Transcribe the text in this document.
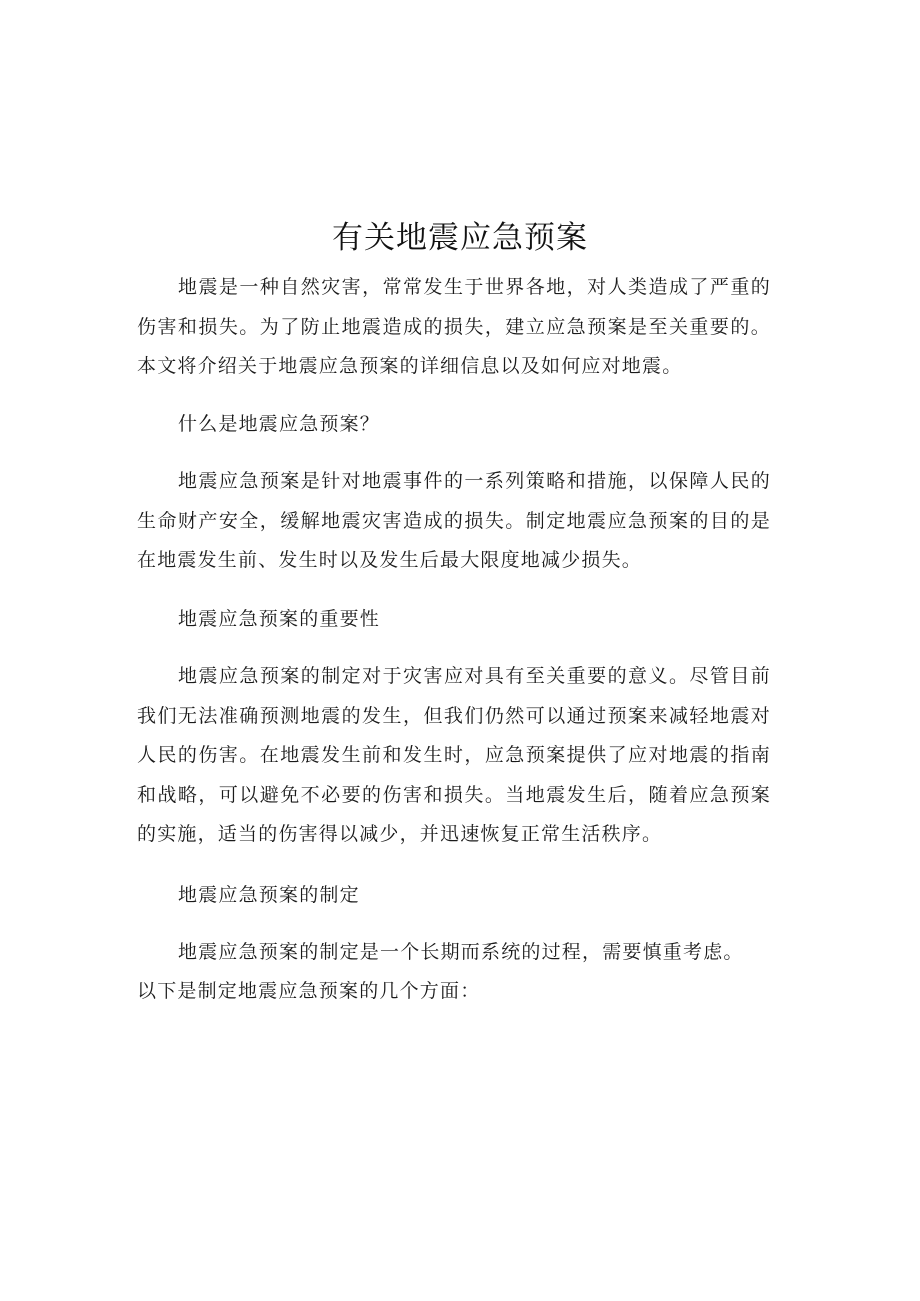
有关地震应急预案

地震是一种自然灾害，常常发生于世界各地，对人类造成了严重的伤害和损失。为了防止地震造成的损失，建立应急预案是至关重要的。本文将介绍关于地震应急预案的详细信息以及如何应对地震。

什么是地震应急预案？

地震应急预案是针对地震事件的一系列策略和措施，以保障人民的生命财产安全，缓解地震灾害造成的损失。制定地震应急预案的目的是在地震发生前、发生时以及发生后最大限度地减少损失。

地震应急预案的重要性

地震应急预案的制定对于灾害应对具有至关重要的意义。尽管目前我们无法准确预测地震的发生，但我们仍然可以通过预案来减轻地震对人民的伤害。在地震发生前和发生时，应急预案提供了应对地震的指南和战略，可以避免不必要的伤害和损失。当地震发生后，随着应急预案的实施，适当的伤害得以减少，并迅速恢复正常生活秩序。

地震应急预案的制定

地震应急预案的制定是一个长期而系统的过程，需要慎重考虑。

以下是制定地震应急预案的几个方面：
